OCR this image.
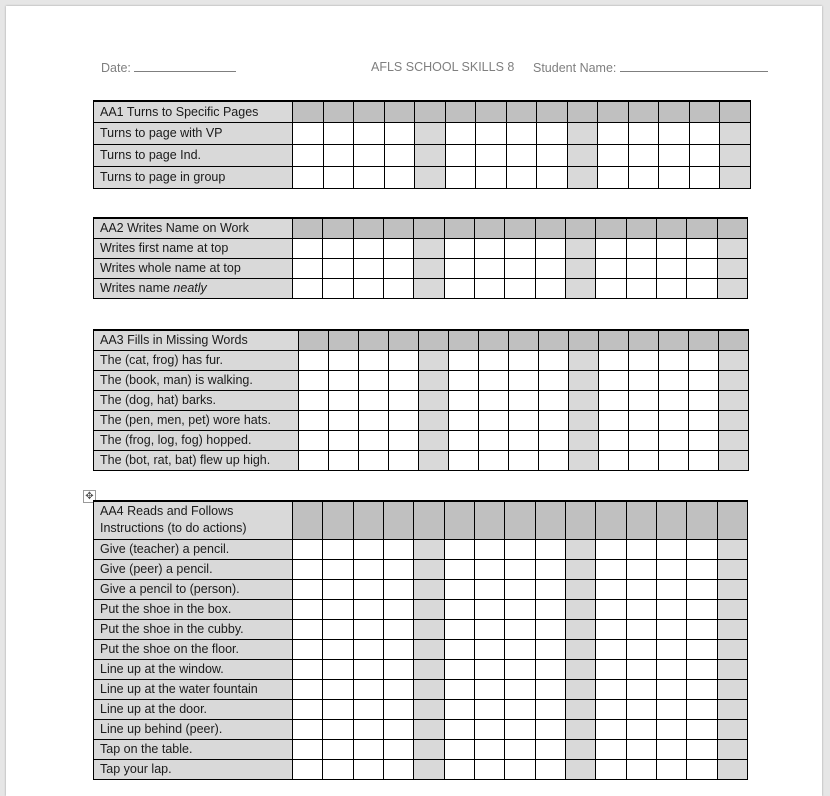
Date:	AFLS SCHOOL SKILLS 8 Student Name:
✥
AA1 Turns to Specific Pages															
Turns to page with VP															
Turns to page Ind.															
Turns to page in group															
AA2 Writes Name on Work															
Writes first name at top															
Writes whole name at top															
Writes name neatly															
AA3 Fills in Missing Words															
The (cat, frog) has fur.															
The (book, man) is walking.															
The (dog, hat) barks.															
The (pen, men, pet) wore hats.															
The (frog, log, fog) hopped.															
The (bot, rat, bat) flew up high.															
AA4 Reads and Follows Instructions (to do actions)															
Give (teacher) a pencil.															
Give (peer) a pencil.															
Give a pencil to (person).															
Put the shoe in the box.															
Put the shoe in the cubby.															
Put the shoe on the floor.															
Line up at the window.															
Line up at the water fountain															
Line up at the door.															
Line up behind (peer).															
Tap on the table.															
Tap your lap.															
